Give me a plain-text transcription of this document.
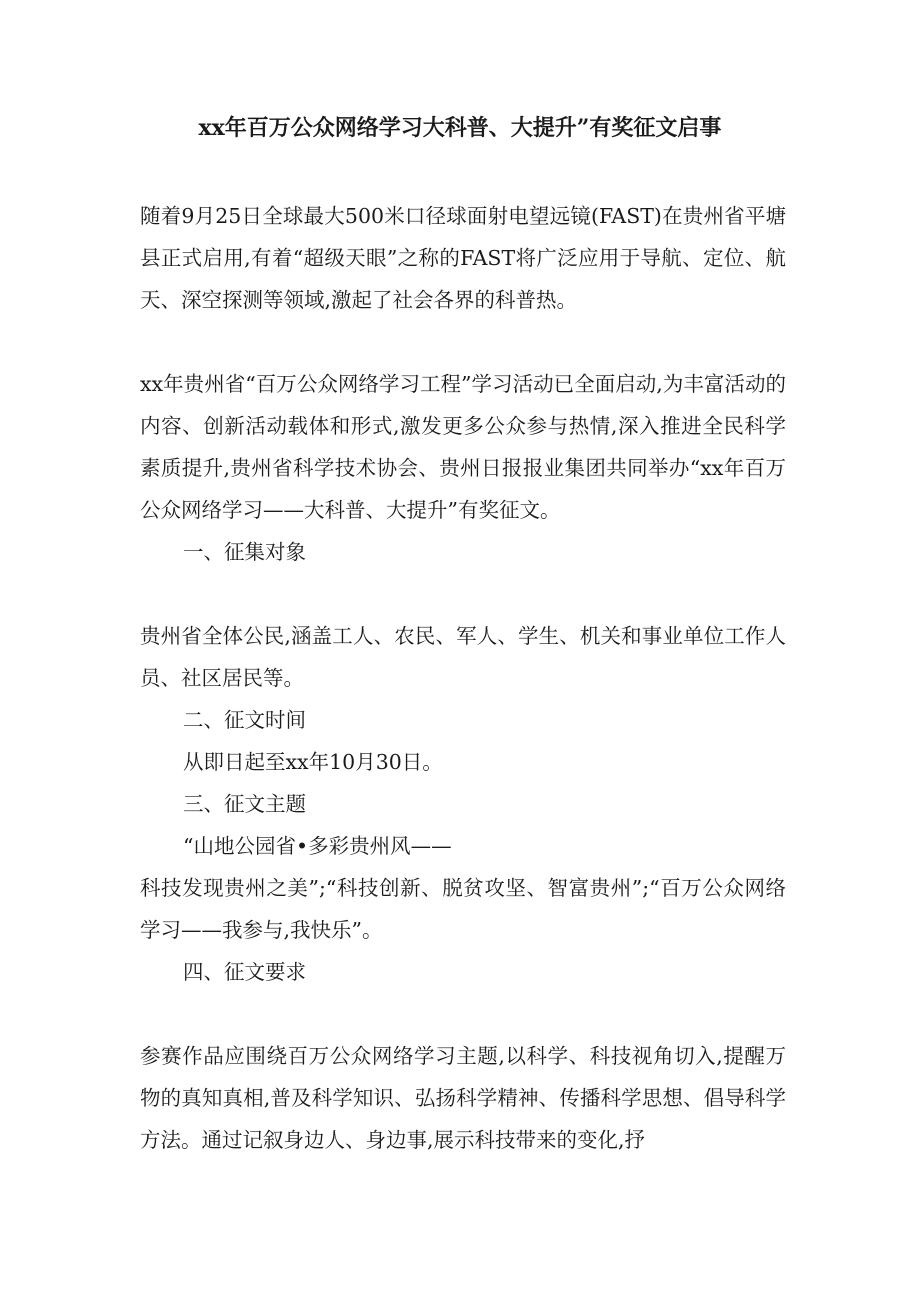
xx年百万公众网络学习大科普、大提升”有奖征文启事

随着9月25日全球最大500米口径球面射电望远镜(FAST)在贵州省平塘县正式启用,有着“超级天眼”之称的FAST将广泛应用于导航、定位、航天、深空探测等领域,激起了社会各界的科普热。

xx年贵州省“百万公众网络学习工程”学习活动已全面启动,为丰富活动的内容、创新活动载体和形式,激发更多公众参与热情,深入推进全民科学素质提升,贵州省科学技术协会、贵州日报报业集团共同举办“xx年百万公众网络学习——大科普、大提升”有奖征文。

一、征集对象

贵州省全体公民,涵盖工人、农民、军人、学生、机关和事业单位工作人员、社区居民等。

二、征文时间

从即日起至xx年10月30日。

三、征文主题

“山地公园省•多彩贵州风——

科技发现贵州之美”;“科技创新、脱贫攻坚、智富贵州”;“百万公众网络学习——我参与,我快乐”。

四、征文要求

参赛作品应围绕百万公众网络学习主题,以科学、科技视角切入,提醒万物的真知真相,普及科学知识、弘扬科学精神、传播科学思想、倡导科学方法。通过记叙身边人、身边事,展示科技带来的变化,抒
